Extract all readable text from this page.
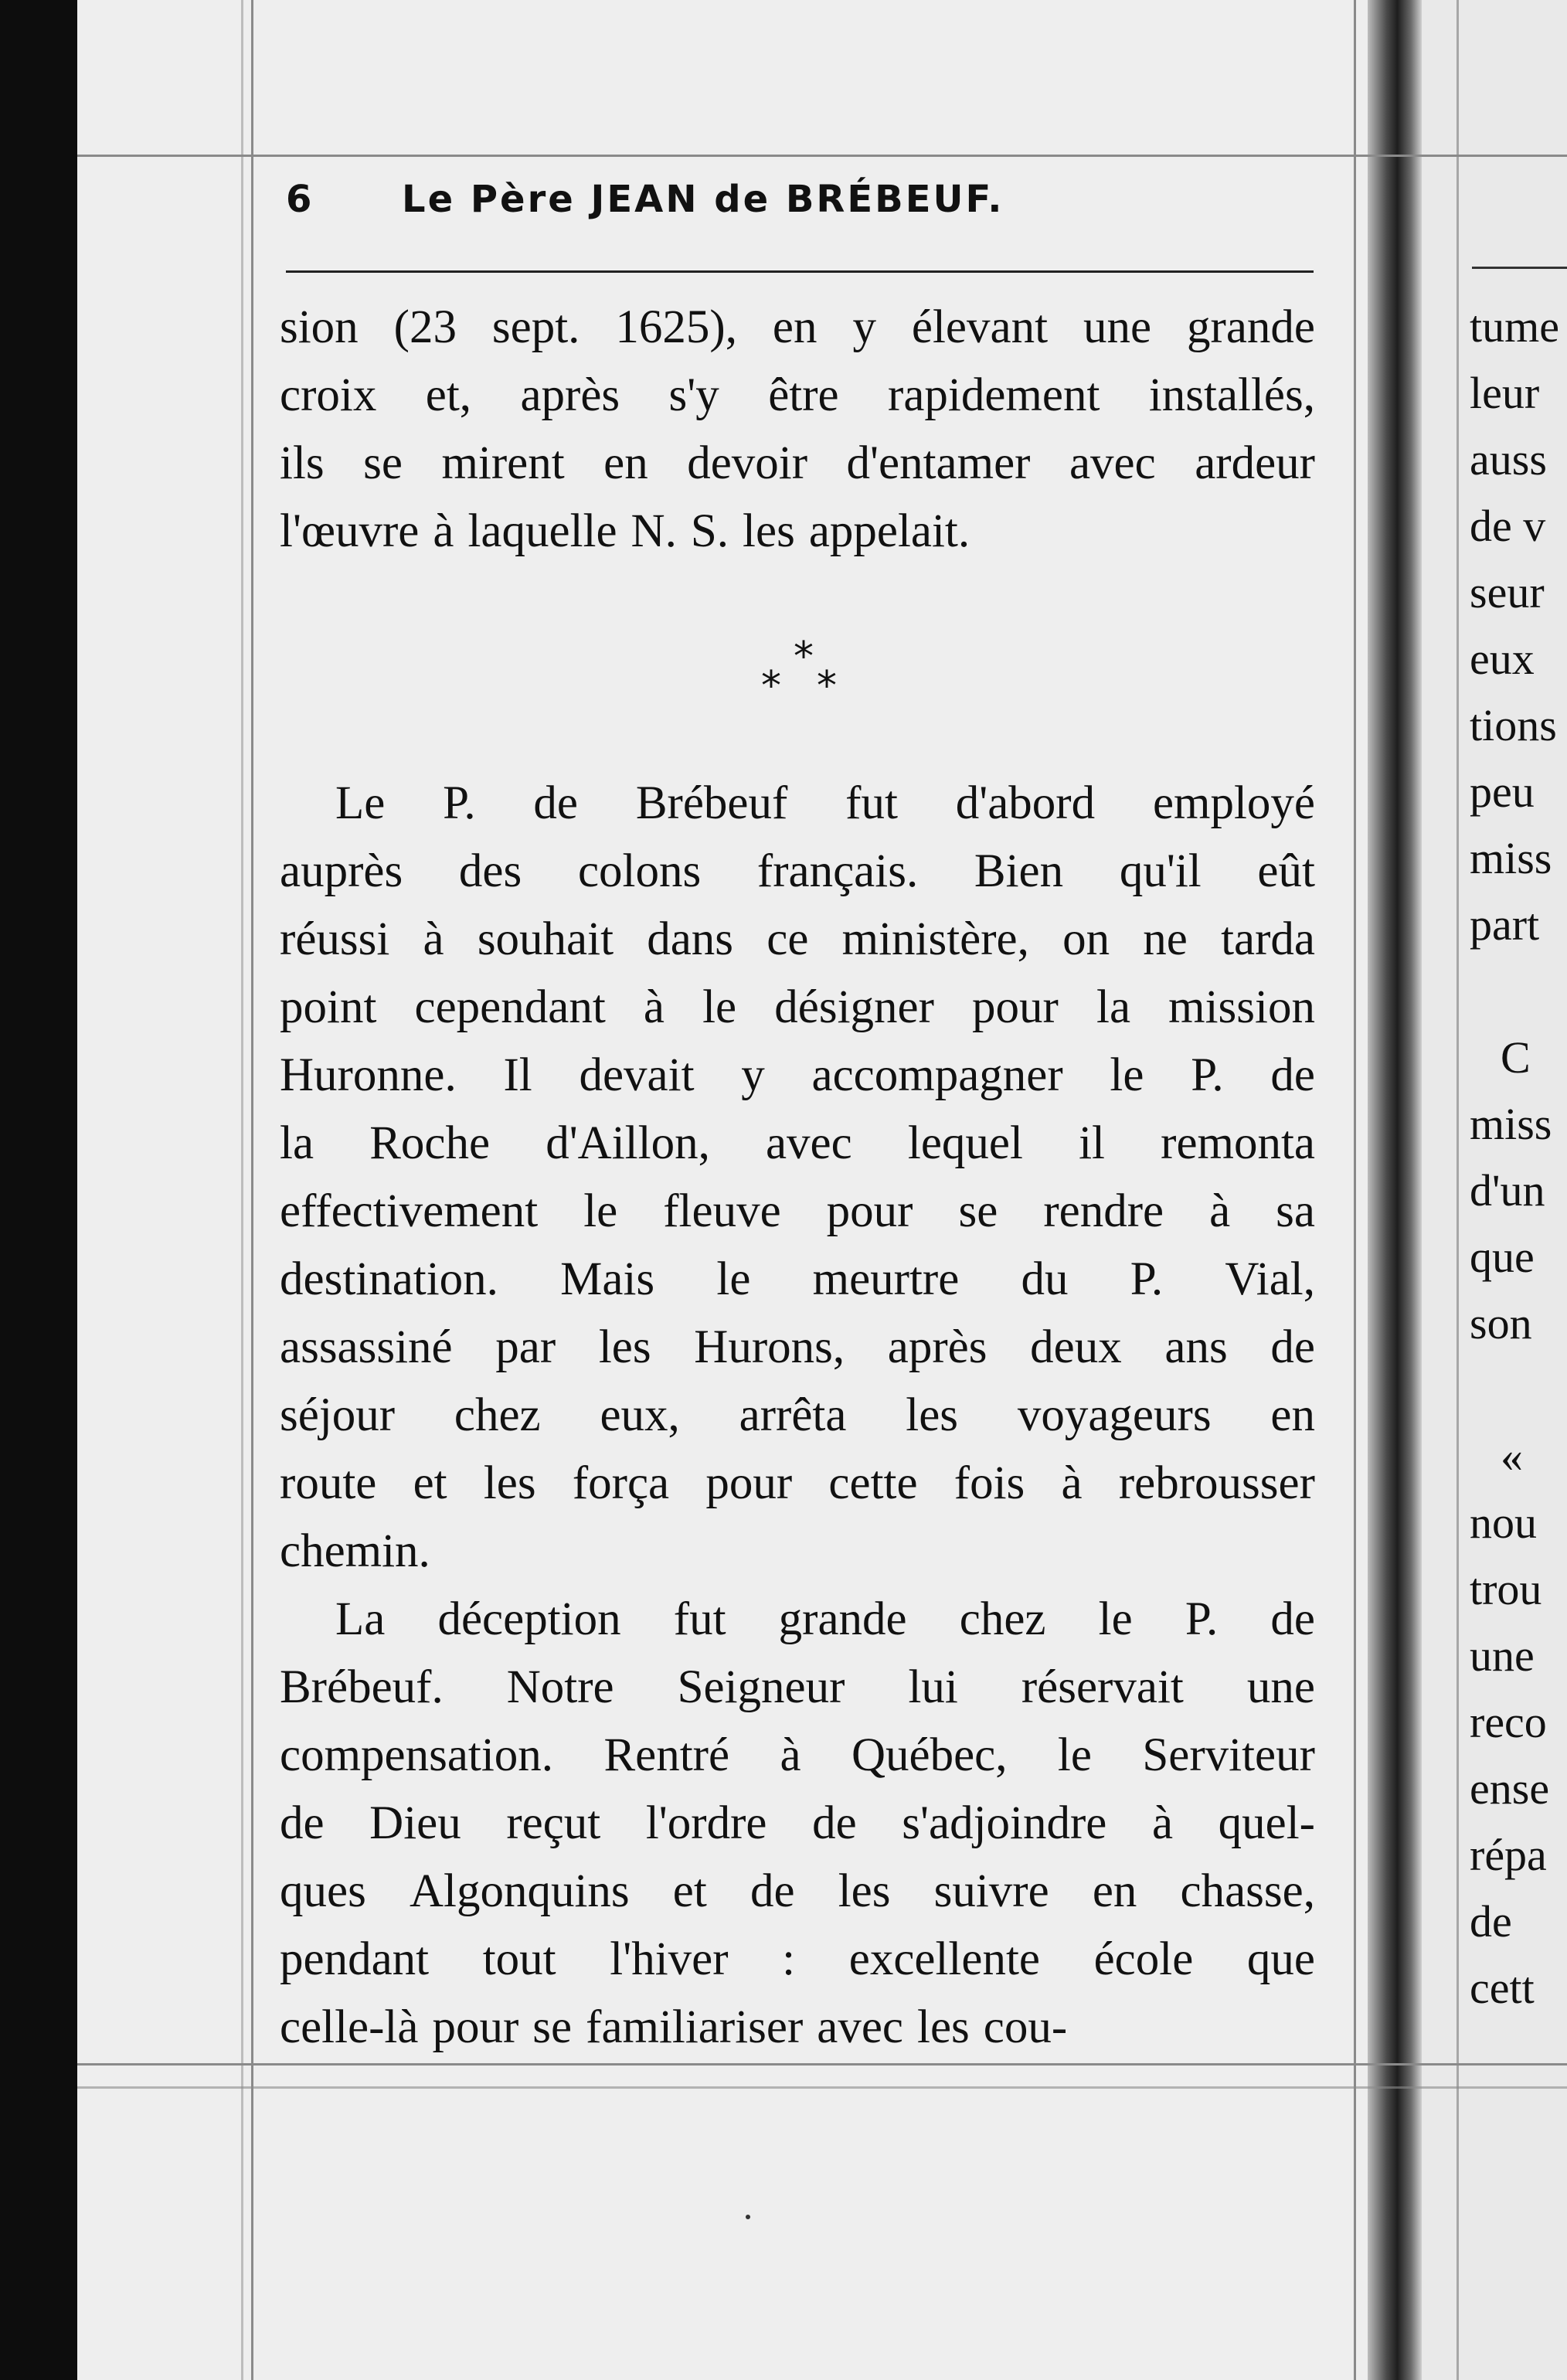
6 Le Père JEAN de BRÉBEUF.
sion (23 sept. 1625), en y élevant une grande
croix et, après s'y être rapidement installés,
ils se mirent en devoir d'entamer avec ardeur
l'œuvre à laquelle N. S. les appelait.
Le P. de Brébeuf fut d'abord employé
auprès des colons français. Bien qu'il eût
réussi à souhait dans ce ministère, on ne tarda
point cependant à le désigner pour la mission
Huronne. Il devait y accompagner le P. de
la Roche d'Aillon, avec lequel il remonta
effectivement le fleuve pour se rendre à sa
destination. Mais le meurtre du P. Vial,
assassiné par les Hurons, après deux ans de
séjour chez eux, arrêta les voyageurs en
route et les força pour cette fois à rebrousser
chemin.
La déception fut grande chez le P. de
Brébeuf. Notre Seigneur lui réservait une
compensation. Rentré à Québec, le Serviteur
de Dieu reçut l'ordre de s'adjoindre à quel-
ques Algonquins et de les suivre en chasse,
pendant tout l'hiver : excellente école que
celle-là pour se familiariser avec les cou-
*
* *
tume
leur
auss
de v
seur
eux
tions
peu
miss
part
C
miss
d'un
que
son
«
nou
trou
une
reco
ense
répa
de
cett
